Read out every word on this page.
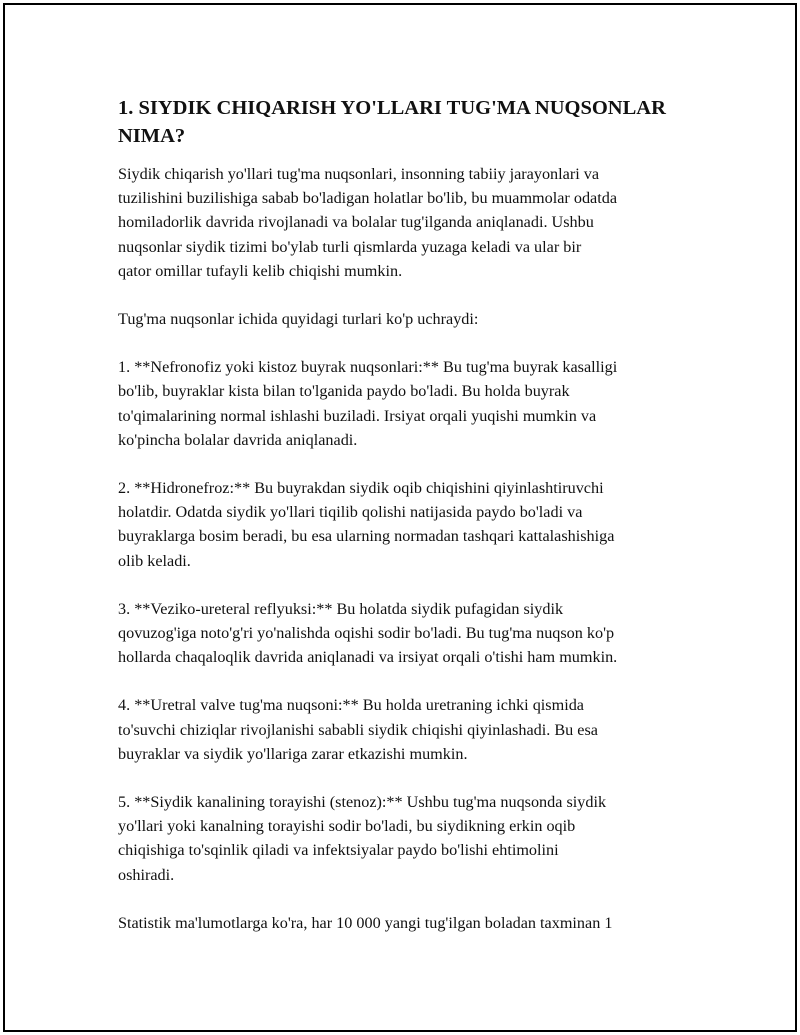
1. SIYDIK CHIQARISH YO'LLARI TUG'MA NUQSONLAR NIMA?

Siydik chiqarish yo'llari tug'ma nuqsonlari, insonning tabiiy jarayonlari va
tuzilishini buzilishiga sabab bo'ladigan holatlar bo'lib, bu muammolar odatda
homiladorlik davrida rivojlanadi va bolalar tug'ilganda aniqlanadi. Ushbu
nuqsonlar siydik tizimi bo'ylab turli qismlarda yuzaga keladi va ular bir
qator omillar tufayli kelib chiqishi mumkin.

Tug'ma nuqsonlar ichida quyidagi turlari ko'p uchraydi:

1. **Nefronofiz yoki kistoz buyrak nuqsonlari:** Bu tug'ma buyrak kasalligi
bo'lib, buyraklar kista bilan to'lganida paydo bo'ladi. Bu holda buyrak
to'qimalarining normal ishlashi buziladi. Irsiyat orqali yuqishi mumkin va
ko'pincha bolalar davrida aniqlanadi.

2. **Hidronefroz:** Bu buyrakdan siydik oqib chiqishini qiyinlashtiruvchi
holatdir. Odatda siydik yo'llari tiqilib qolishi natijasida paydo bo'ladi va
buyraklarga bosim beradi, bu esa ularning normadan tashqari kattalashishiga
olib keladi.

3. **Veziko-ureteral reflyuksi:** Bu holatda siydik pufagidan siydik
qovuzog'iga noto'g'ri yo'nalishda oqishi sodir bo'ladi. Bu tug'ma nuqson ko'p
hollarda chaqaloqlik davrida aniqlanadi va irsiyat orqali o'tishi ham mumkin.

4. **Uretral valve tug'ma nuqsoni:** Bu holda uretraning ichki qismida
to'suvchi chiziqlar rivojlanishi sababli siydik chiqishi qiyinlashadi. Bu esa
buyraklar va siydik yo'llariga zarar etkazishi mumkin.

5. **Siydik kanalining torayishi (stenoz):** Ushbu tug'ma nuqsonda siydik
yo'llari yoki kanalning torayishi sodir bo'ladi, bu siydikning erkin oqib
chiqishiga to'sqinlik qiladi va infektsiyalar paydo bo'lishi ehtimolini
oshiradi.

Statistik ma'lumotlarga ko'ra, har 10 000 yangi tug'ilgan boladan taxminan 1
